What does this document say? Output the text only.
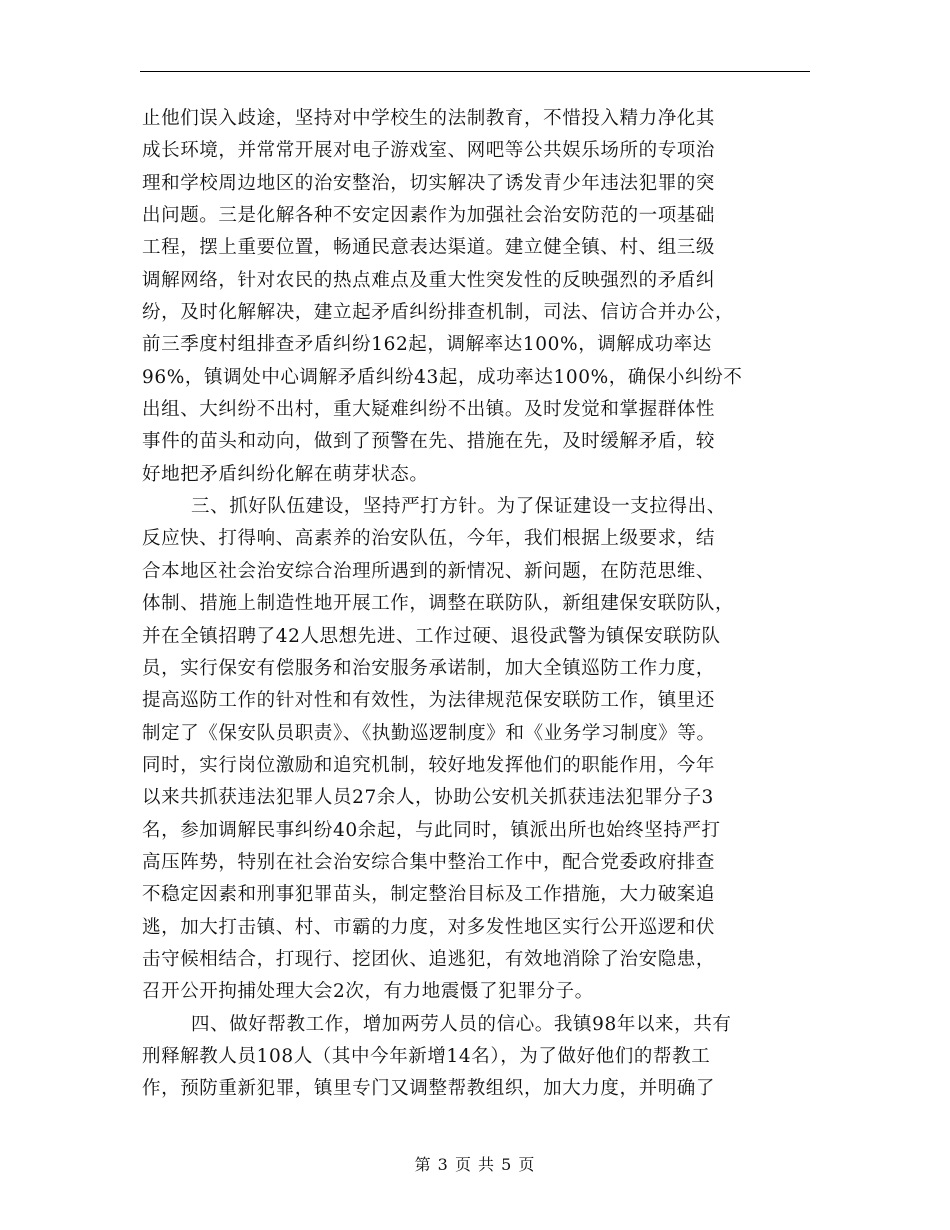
止他们误入歧途，坚持对中学校生的法制教育，不惜投入精力净化其
成长环境，并常常开展对电子游戏室、网吧等公共娱乐场所的专项治
理和学校周边地区的治安整治，切实解决了诱发青少年违法犯罪的突
出问题。三是化解各种不安定因素作为加强社会治安防范的一项基础
工程，摆上重要位置，畅通民意表达渠道。建立健全镇、村、组三级
调解网络，针对农民的热点难点及重大性突发性的反映强烈的矛盾纠
纷，及时化解解决，建立起矛盾纠纷排查机制，司法、信访合并办公，
前三季度村组排查矛盾纠纷162起，调解率达100%，调解成功率达
96%，镇调处中心调解矛盾纠纷43起，成功率达100%，确保小纠纷不
出组、大纠纷不出村，重大疑难纠纷不出镇。及时发觉和掌握群体性
事件的苗头和动向，做到了预警在先、措施在先，及时缓解矛盾，较
好地把矛盾纠纷化解在萌芽状态。

三、抓好队伍建设，坚持严打方针。为了保证建设一支拉得出、
反应快、打得响、高素养的治安队伍，今年，我们根据上级要求，结
合本地区社会治安综合治理所遇到的新情况、新问题，在防范思维、
体制、措施上制造性地开展工作，调整在联防队，新组建保安联防队，
并在全镇招聘了42人思想先进、工作过硬、退役武警为镇保安联防队
员，实行保安有偿服务和治安服务承诺制，加大全镇巡防工作力度，
提高巡防工作的针对性和有效性，为法律规范保安联防工作，镇里还
制定了《保安队员职责》、《执勤巡逻制度》和《业务学习制度》等。
同时，实行岗位激励和追究机制，较好地发挥他们的职能作用，今年
以来共抓获违法犯罪人员27余人，协助公安机关抓获违法犯罪分子3
名，参加调解民事纠纷40余起，与此同时，镇派出所也始终坚持严打
高压阵势，特别在社会治安综合集中整治工作中，配合党委政府排查
不稳定因素和刑事犯罪苗头，制定整治目标及工作措施，大力破案追
逃，加大打击镇、村、市霸的力度，对多发性地区实行公开巡逻和伏
击守候相结合，打现行、挖团伙、追逃犯，有效地消除了治安隐患，
召开公开拘捕处理大会2次，有力地震慑了犯罪分子。

四、做好帮教工作，增加两劳人员的信心。我镇98年以来，共有
刑释解教人员108人（其中今年新增14名），为了做好他们的帮教工
作，预防重新犯罪，镇里专门又调整帮教组织，加大力度，并明确了

第 3 页 共 5 页
